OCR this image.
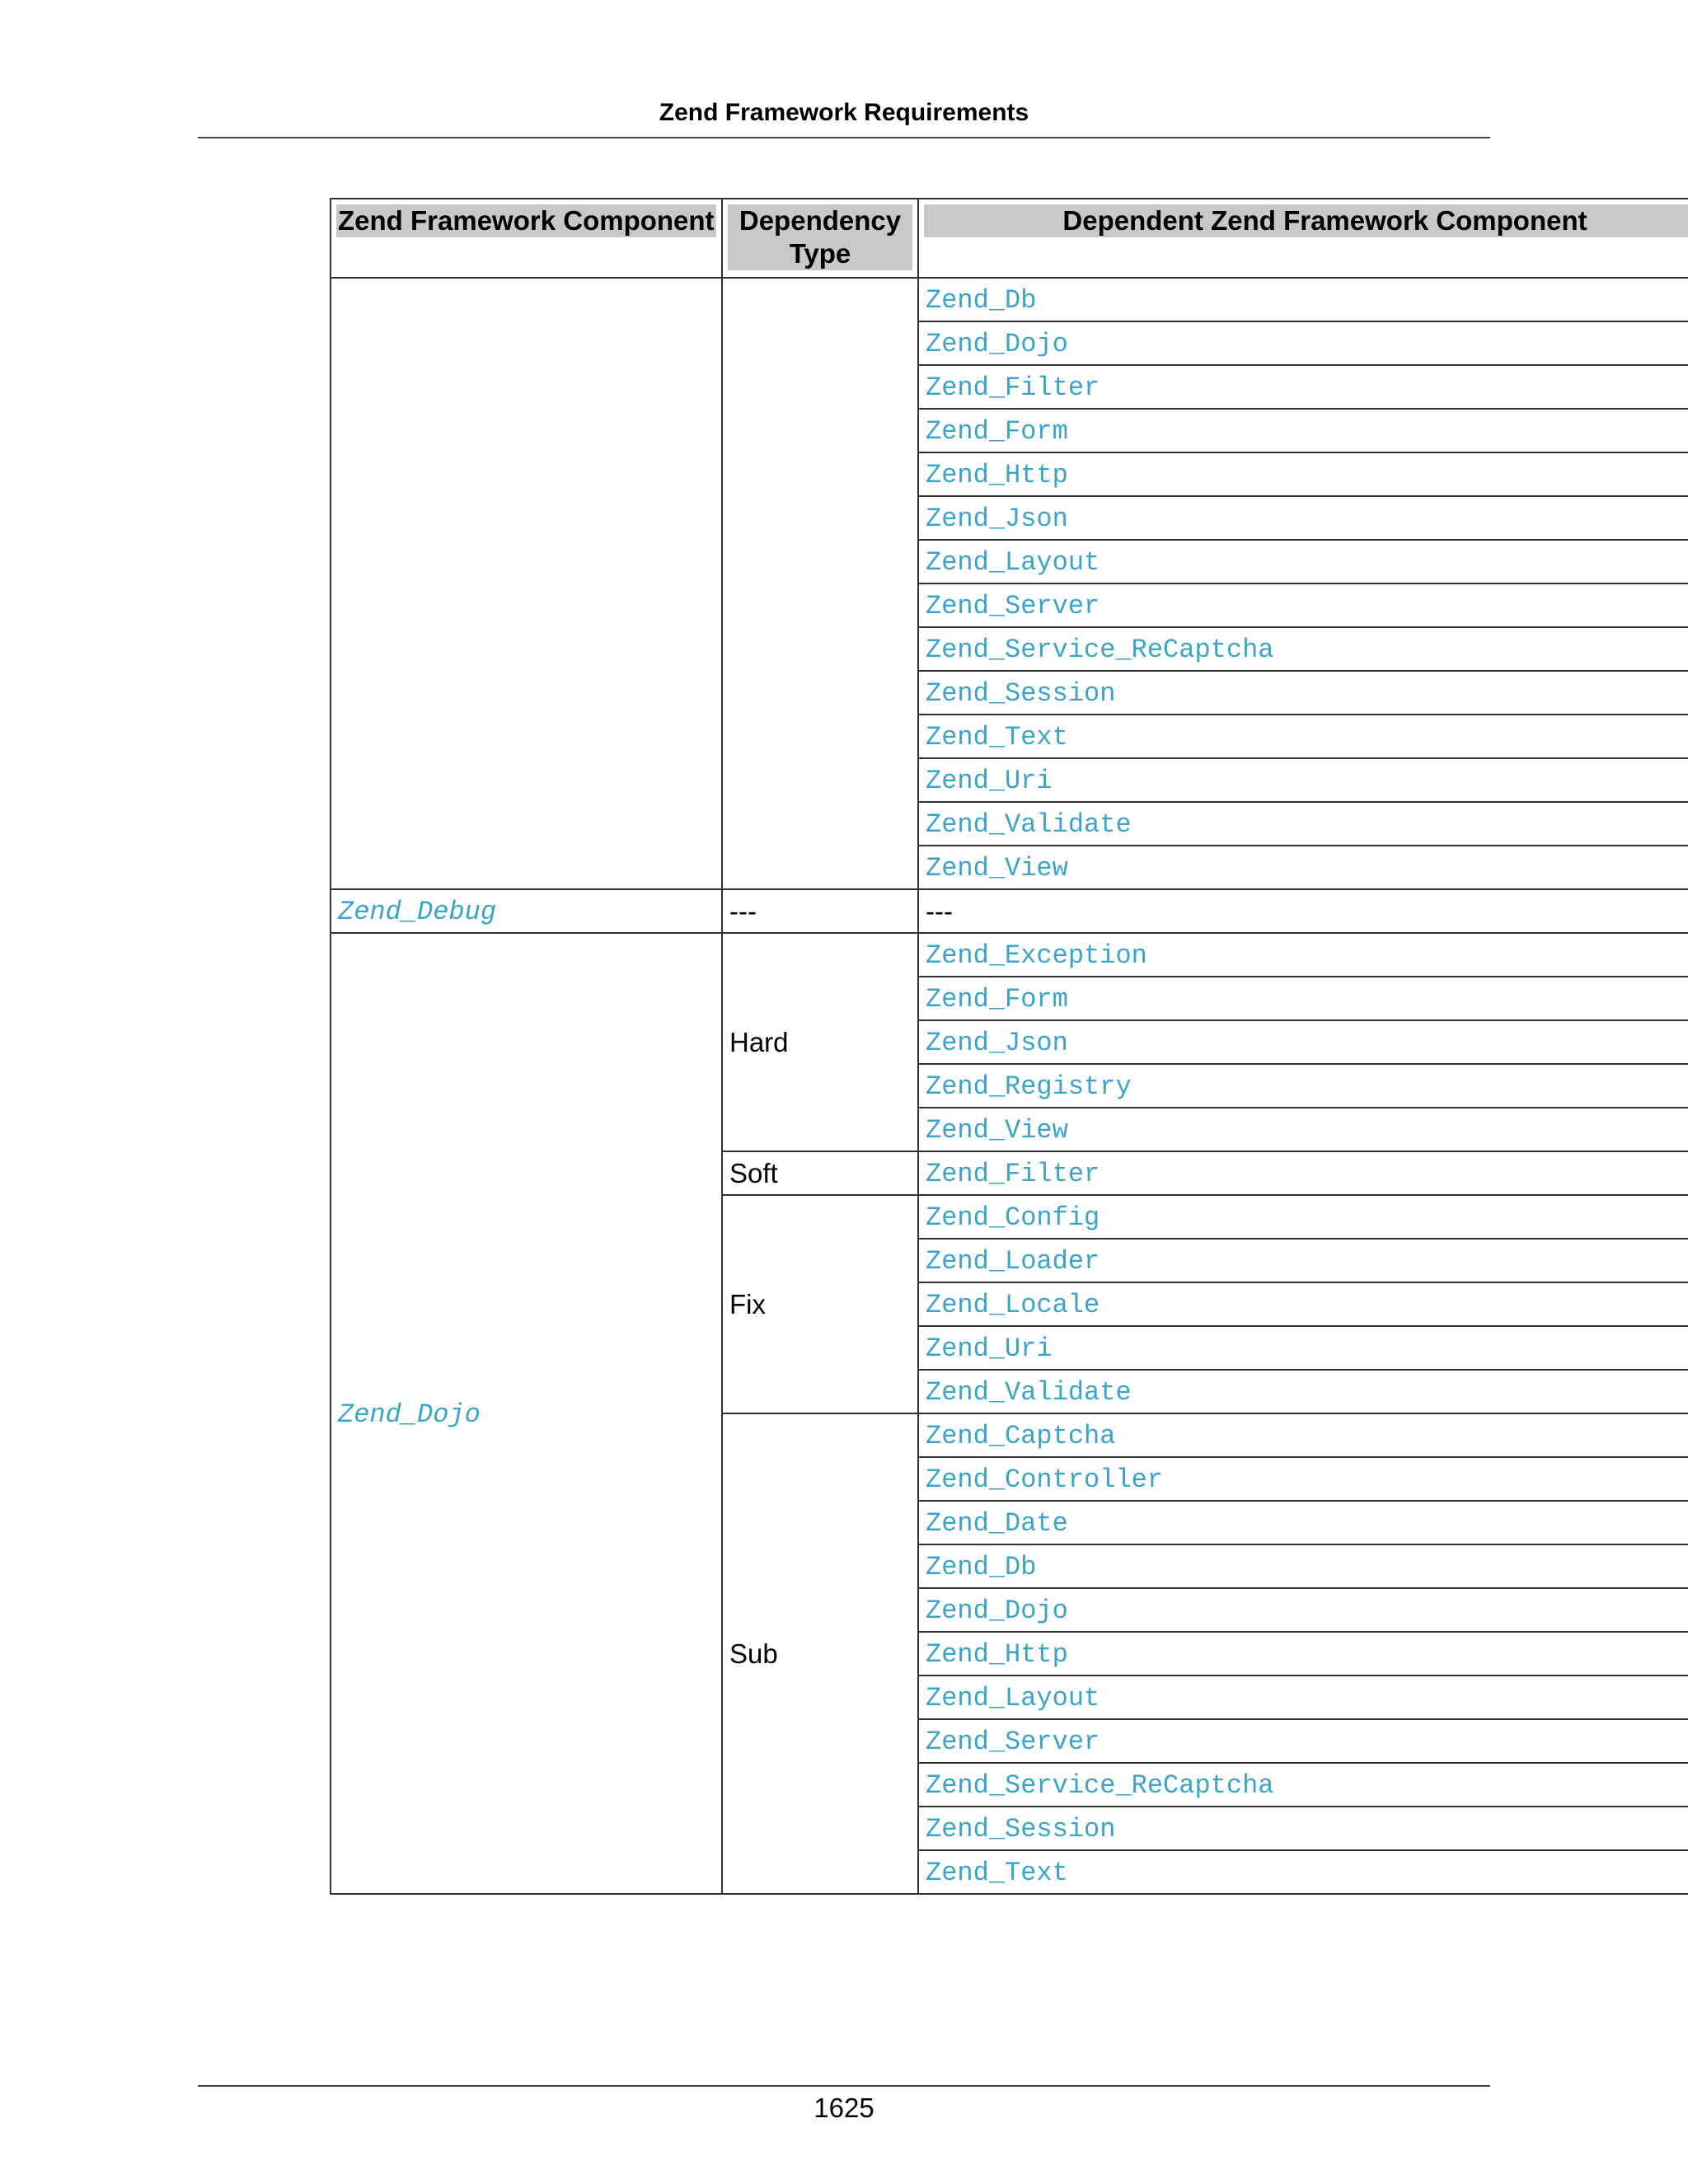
Zend Framework Requirements
Zend Framework Component	Dependency Type	Dependent Zend Framework Component

		Zend_Db
		Zend_Dojo
		Zend_Filter
		Zend_Form
		Zend_Http
		Zend_Json
		Zend_Layout
		Zend_Server
		Zend_Service_ReCaptcha
		Zend_Session
		Zend_Text
		Zend_Uri
		Zend_Validate
		Zend_View
Zend_Debug	---	---
Zend_Dojo	Hard	Zend_Exception
		Zend_Form
		Zend_Json
		Zend_Registry
		Zend_View
	Soft	Zend_Filter
	Fix	Zend_Config
		Zend_Loader
		Zend_Locale
		Zend_Uri
		Zend_Validate
	Sub	Zend_Captcha
		Zend_Controller
		Zend_Date
		Zend_Db
		Zend_Dojo
		Zend_Http
		Zend_Layout
		Zend_Server
		Zend_Service_ReCaptcha
		Zend_Session
		Zend_Text
1625
